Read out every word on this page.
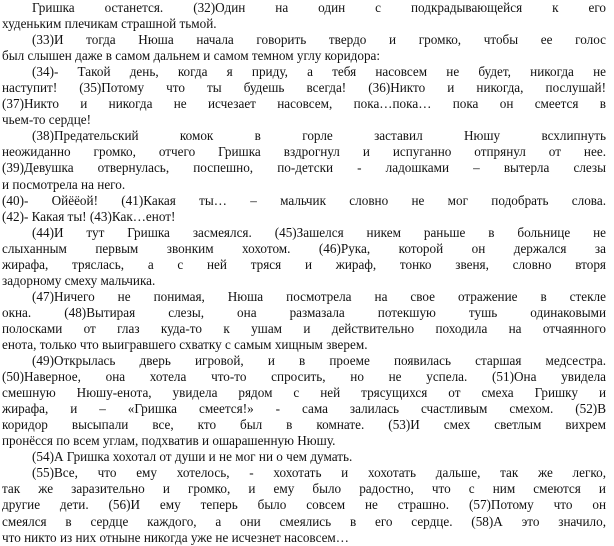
Гришка останется. (32)Один на один с подкрадывающейся к его
худеньким плечикам страшной тьмой.
(33)И тогда Нюша начала говорить твердо и громко, чтобы ее голос
был слышен даже в самом дальнем и самом темном углу коридора:
(34)- Такой день, когда я приду, а тебя насовсем не будет, никогда не
наступит! (35)Потому что ты будешь всегда! (36)Никто и никогда, послушай!
(37)Никто и никогда не исчезает насовсем, пока…пока… пока он смеется в
чьем-то сердце!
(38)Предательский комок в горле заставил Нюшу всхлипнуть
неожиданно громко, отчего Гришка вздрогнул и испуганно отпрянул от нее.
(39)Девушка отвернулась, поспешно, по-детски - ладошками – вытерла слезы
и посмотрела на него.
(40)- Ойёёой! (41)Какая ты… – мальчик словно не мог подобрать слова.
(42)- Какая ты! (43)Как…енот!
(44)И тут Гришка засмеялся. (45)Зашелся никем раньше в больнице не
слыханным первым звонким хохотом. (46)Рука, которой он держался за
жирафа, тряслась, а с ней тряся и жираф, тонко звеня, словно вторя
задорному смеху мальчика.
(47)Ничего не понимая, Нюша посмотрела на свое отражение в стекле
окна. (48)Вытирая слезы, она размазала потекшую тушь одинаковыми
полосками от глаз куда-то к ушам и действительно походила на отчаянного
енота, только что выигравшего схватку с самым хищным зверем.
(49)Открылась дверь игровой, и в проеме появилась старшая медсестра.
(50)Наверное, она хотела что-то спросить, но не успела. (51)Она увидела
смешную Нюшу-енота, увидела рядом с ней трясущихся от смеха Гришку и
жирафа, и – «Гришка смеется!» - сама залилась счастливым смехом. (52)В
коридор высыпали все, кто был в комнате. (53)И смех светлым вихрем
пронёсся по всем углам, подхватив и ошарашенную Нюшу.
(54)А Гришка хохотал от души и не мог ни о чем думать.
(55)Все, что ему хотелось, - хохотать и хохотать дальше, так же легко,
так же заразительно и громко, и ему было радостно, что с ним смеются и
другие дети. (56)И ему теперь было совсем не страшно. (57)Потому что он
смеялся в сердце каждого, а они смеялись в его сердце. (58)А это значило,
что никто из них отныне никогда уже не исчезнет насовсем…
